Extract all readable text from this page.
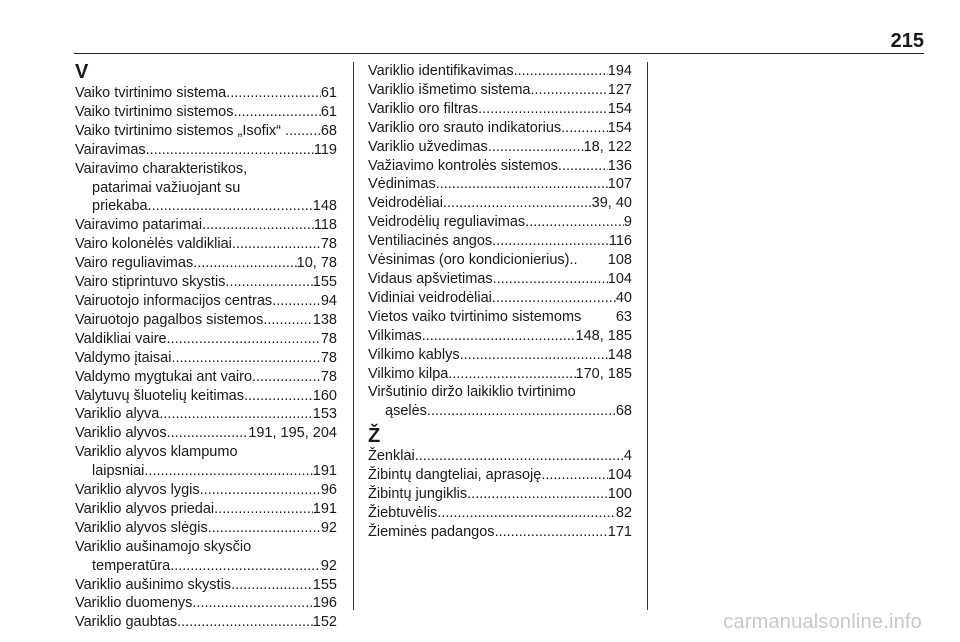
215
V
Vaiko tvirtinimo sistema .....	61
Vaiko tvirtinimo sistemos .....	61
Vaiko tvirtinimo sistemos „Isofix“ . ..... 68
Vairavimas .....	119
Vairavimo charakteristikos,
patarimai važiuojant su
priekaba .....	148
Vairavimo patarimai .....	118
Vairo kolonėlės valdikliai .....	78
Vairo reguliavimas .....	10, 78
Vairo stiprintuvo skystis .....	155
Vairuotojo informacijos centras .....	94
Vairuotojo pagalbos sistemos .....	138
Valdikliai vaire .....	78
Valdymo įtaisai .....	78
Valdymo mygtukai ant vairo .....	78
Valytuvų šluotelių keitimas .....	160
Variklio alyva .....	153
Variklio alyvos .....	191, 195, 204
Variklio alyvos klampumo
laipsniai .....	191
Variklio alyvos lygis .....	96
Variklio alyvos priedai .....	191
Variklio alyvos slėgis .....	92
Variklio aušinamojo skysčio
temperatūra .....	92
Variklio aušinimo skystis .....	155
Variklio duomenys .....	196
Variklio gaubtas .....	152
Variklio identifikavimas .....	194
Variklio išmetimo sistema .....	127
Variklio oro filtras .....	154
Variklio oro srauto indikatorius .....	154
Variklio užvedimas .....	18, 122
Važiavimo kontrolės sistemos .....	136
Vėdinimas .....	107
Veidrodėliai .....	39, 40
Veidrodėlių reguliavimas .....	9
Ventiliacinės angos .....	116
Vėsinimas (oro kondicionierius).. 108
Vidaus apšvietimas .....	104
Vidiniai veidrodėliai .....	40
Vietos vaiko tvirtinimo sistemoms 63
Vilkimas .....	148, 185
Vilkimo kablys .....	148
Vilkimo kilpa .....	170, 185
Viršutinio diržo laikiklio tvirtinimo
ąselės .....	68
Ž
Ženklai .....	4
Žibintų dangteliai, aprasoję .....	104
Žibintų jungiklis .....	100
Žiebtuvėlis .....	82
Žieminės padangos .....	171
carmanualsonline.info
